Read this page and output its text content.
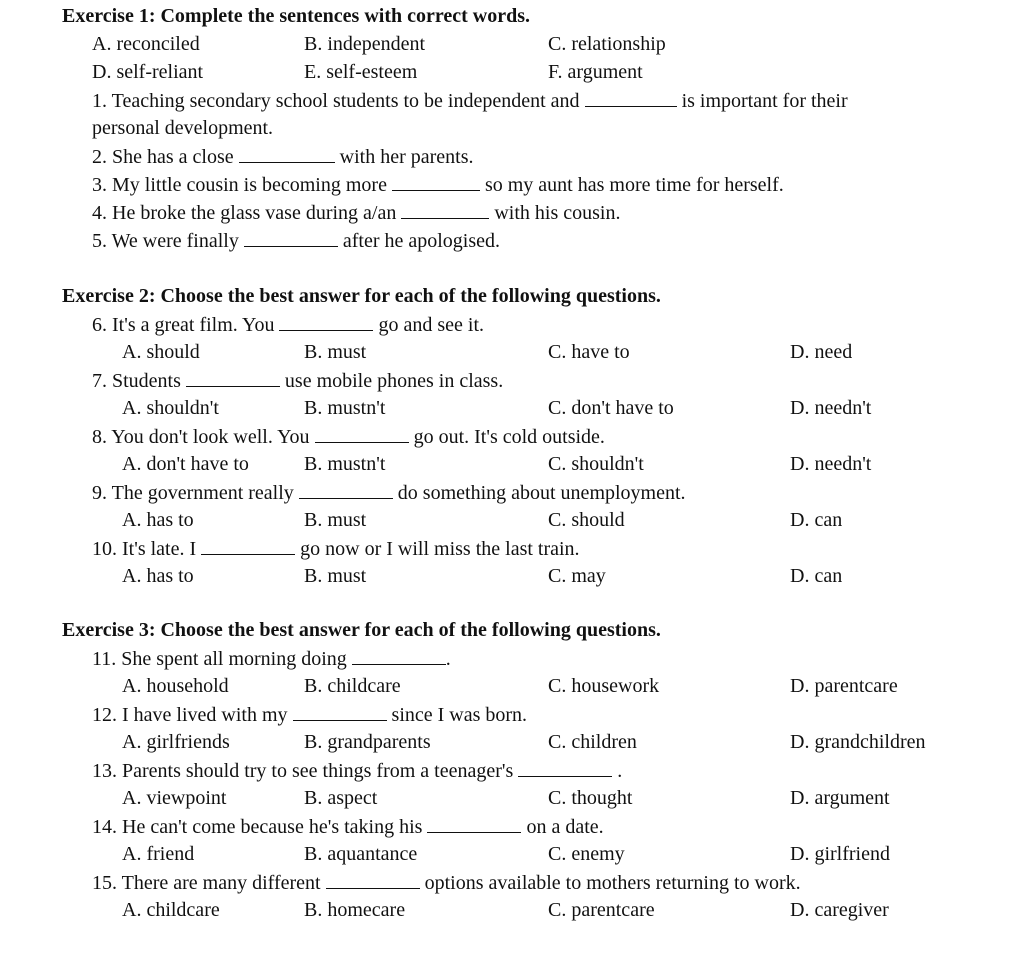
Exercise 1: Complete the sentences with correct words.
A. reconciled	B. independent	C. relationship
D. self-reliant	E. self-esteem	F. argument
1. Teaching secondary school students to be independent and	is important for their
personal development.
2. She has a close	with her parents.
3. My little cousin is becoming more	so my aunt has more time for herself.
4. He broke the glass vase during a/an	with his cousin.
5. We were finally	after he apologised.
Exercise 2: Choose the best answer for each of the following questions.
6. It's a great film. You	go and see it.
A. should	B. must	C. have to	D. need
7. Students	use mobile phones in class.
A. shouldn't	B. mustn't	C. don't have to	D. needn't
8. You don't look well. You	go out. It's cold outside.
A. don't have to	B. mustn't	C. shouldn't	D. needn't
9. The government really	do something about unemployment.
A. has to	B. must	C. should	D. can
10. It's late. I	go now or I will miss the last train.
A. has to	B. must	C. may	D. can
Exercise 3: Choose the best answer for each of the following questions.
11. She spent all morning doing	.
A. household	B. childcare	C. housework	D. parentcare
12. I have lived with my	since I was born.
A. girlfriends	B. grandparents	C. children	D. grandchildren
13. Parents should try to see things from a teenager's	.
A. viewpoint	B. aspect	C. thought	D. argument
14. He can't come because he's taking his	on a date.
A. friend	B. aquantance	C. enemy	D. girlfriend
15. There are many different	options available to mothers returning to work.
A. childcare	B. homecare	C. parentcare	D. caregiver
